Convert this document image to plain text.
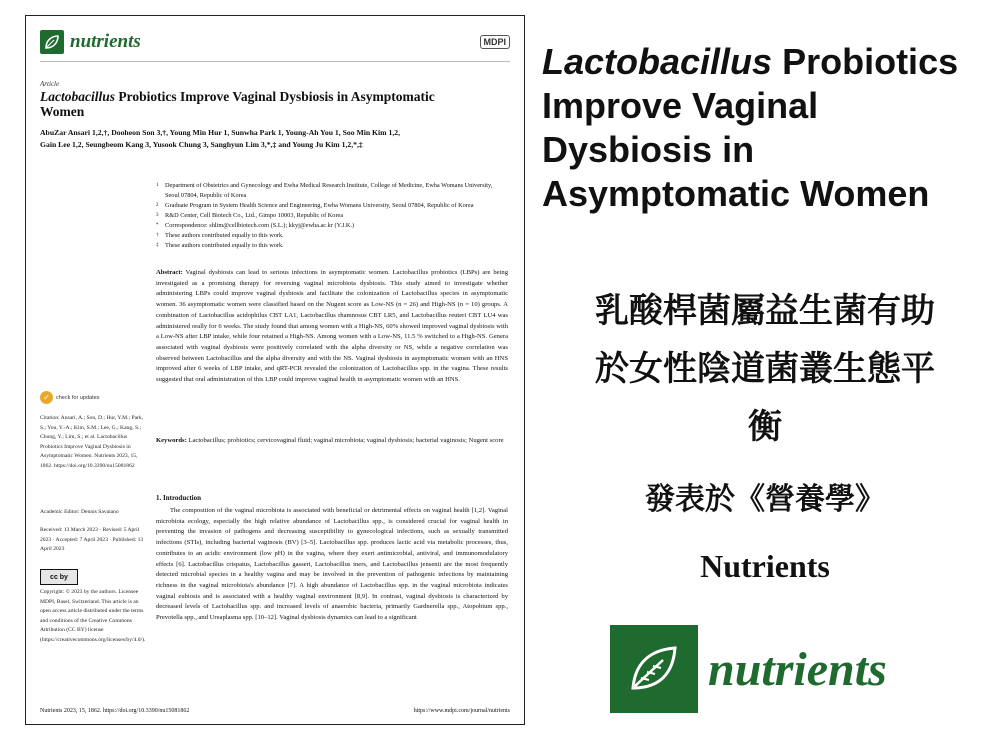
nutrients	MDPI
Article
Lactobacillus Probiotics Improve Vaginal Dysbiosis in Asymptomatic Women
AbuZar Ansari 1,2,†, Dooheon Son 3,†, Young Min Hur 1, Sunwha Park 1, Young-Ah You 1, Soo Min Kim 1,2,
Gain Lee 1,2, Seungbeom Kang 3, Yusook Chung 3, Sanghyun Lim 3,*,‡ and Young Ju Kim 1,2,*,‡
1 Department of Obstetrics and Gynecology and Ewha Medical Research Institute, College of Medicine, Ewha Womans University, Seoul 07804, Republic of Korea
2 Graduate Program in System Health Science and Engineering, Ewha Womans University, Seoul 07804, Republic of Korea
3 R&D Center, Cell Biotech Co., Ltd., Gimpo 10003, Republic of Korea
* Correspondence: shlim@cellbiotech.com (S.L.); kkyj@ewha.ac.kr (Y.J.K.)
† These authors contributed equally to this work.
‡ These authors contributed equally to this work.
Abstract: Vaginal dysbiosis can lead to serious infections in asymptomatic women. Lactobacillus probiotics (LBPs) are being investigated as a promising therapy for reversing vaginal microbiota dysbiosis. This study aimed to investigate whether administering LBPs could improve vaginal dysbiosis and facilitate the colonization of Lactobacillus species in asymptomatic women. 36 asymptomatic women were classified based on the Nugent score as Low-NS (n = 26) and High-NS (n = 10) groups. A combination of Lactobacillus acidophilus CBT LA1, Lactobacillus rhamnosus CBT LR5, and Lactobacillus reuteri CBT LU4 was administered orally for 6 weeks. The study found that among women with a High-NS, 60% showed improved vaginal dysbiosis with a Low-NS after LBP intake, while four retained a High-NS. Among women with a Low-NS, 11.5 % switched to a High-NS. Genera associated with vaginal dysbiosis were positively correlated with the alpha diversity or NS, while a negative correlation was observed between Lactobacillus and the alpha diversity and with the NS. Vaginal dysbiosis in asymptomatic women with an HNS improved after 6 weeks of LBP intake, and qRT-PCR revealed the colonization of Lactobacillus spp. in the vagina. These results suggested that oral administration of this LBP could improve vaginal health in asymptomatic women with an HNS.
Keywords: Lactobacillus; probiotics; cervicovaginal fluid; vaginal microbiota; vaginal dysbiosis; bacterial vaginosis; Nugent score
1. Introduction
The composition of the vaginal microbiota is associated with beneficial or detrimental effects on vaginal health [1,2]. Vaginal microbiota ecology, especially the high relative abundance of Lactobacillus spp., is considered crucial for vaginal health in preventing the invasion of pathogens and decreasing susceptibility to gynecological infections, such as sexually transmitted infections (STIs), including bacterial vaginosis (BV) [3–5]. Lactobacillus spp. produces lactic acid via metabolic processes, thus, contributes to an acidic environment (low pH) in the vagina, where they exert antimicrobial, antiviral, and immunomodulatory effects [6]. Lactobacillus crispatus, Lactobacillus gasseri, Lactobacillus iners, and Lactobacillus jensenii are the most frequently detected microbial species in a healthy vagina and may be involved in the prevention of pathogenic infections by maintaining richness in the vaginal microbiota's abundance [7]. A high abundance of Lactobacillus spp. in the vaginal microbiota indicates vaginal eubiosis and is associated with a healthy vaginal environment [8,9]. In contrast, vaginal dysbiosis is characterized by decreased levels of Lactobacillus spp. and increased levels of anaerobic bacteria, primarily Gardnerella spp., Atopobium spp., Prevotella spp., and Ureaplasma spp. [10–12]. Vaginal dysbiosis dynamics can lead to a significant
✓	check for updates
Citation: Ansari, A.; Son, D.; Hur, Y.M.; Park, S.; You, Y.-A.; Kim, S.M.; Lee, G.; Kang, S.; Chung, Y.; Lim, S.; et al. Lactobacillus Probiotics Improve Vaginal Dysbiosis in Asymptomatic Women. Nutrients 2023, 15, 1862. https://doi.org/10.3390/nu15081862
Academic Editor: Dennis Savaiano
Received: 13 March 2023 · Revised: 5 April 2023 · Accepted: 7 April 2023 · Published: 13 April 2023
cc by
Copyright: © 2023 by the authors. Licensee MDPI, Basel, Switzerland. This article is an open access article distributed under the terms and conditions of the Creative Commons Attribution (CC BY) license (https://creativecommons.org/licenses/by/4.0/).
Nutrients 2023, 15, 1862. https://doi.org/10.3390/nu15081862	https://www.mdpi.com/journal/nutrients
Lactobacillus Probiotics Improve Vaginal Dysbiosis in Asymptomatic Women
乳酸桿菌屬益生菌有助於女性陰道菌叢生態平衡
發表於《營養學》
Nutrients
nutrients
